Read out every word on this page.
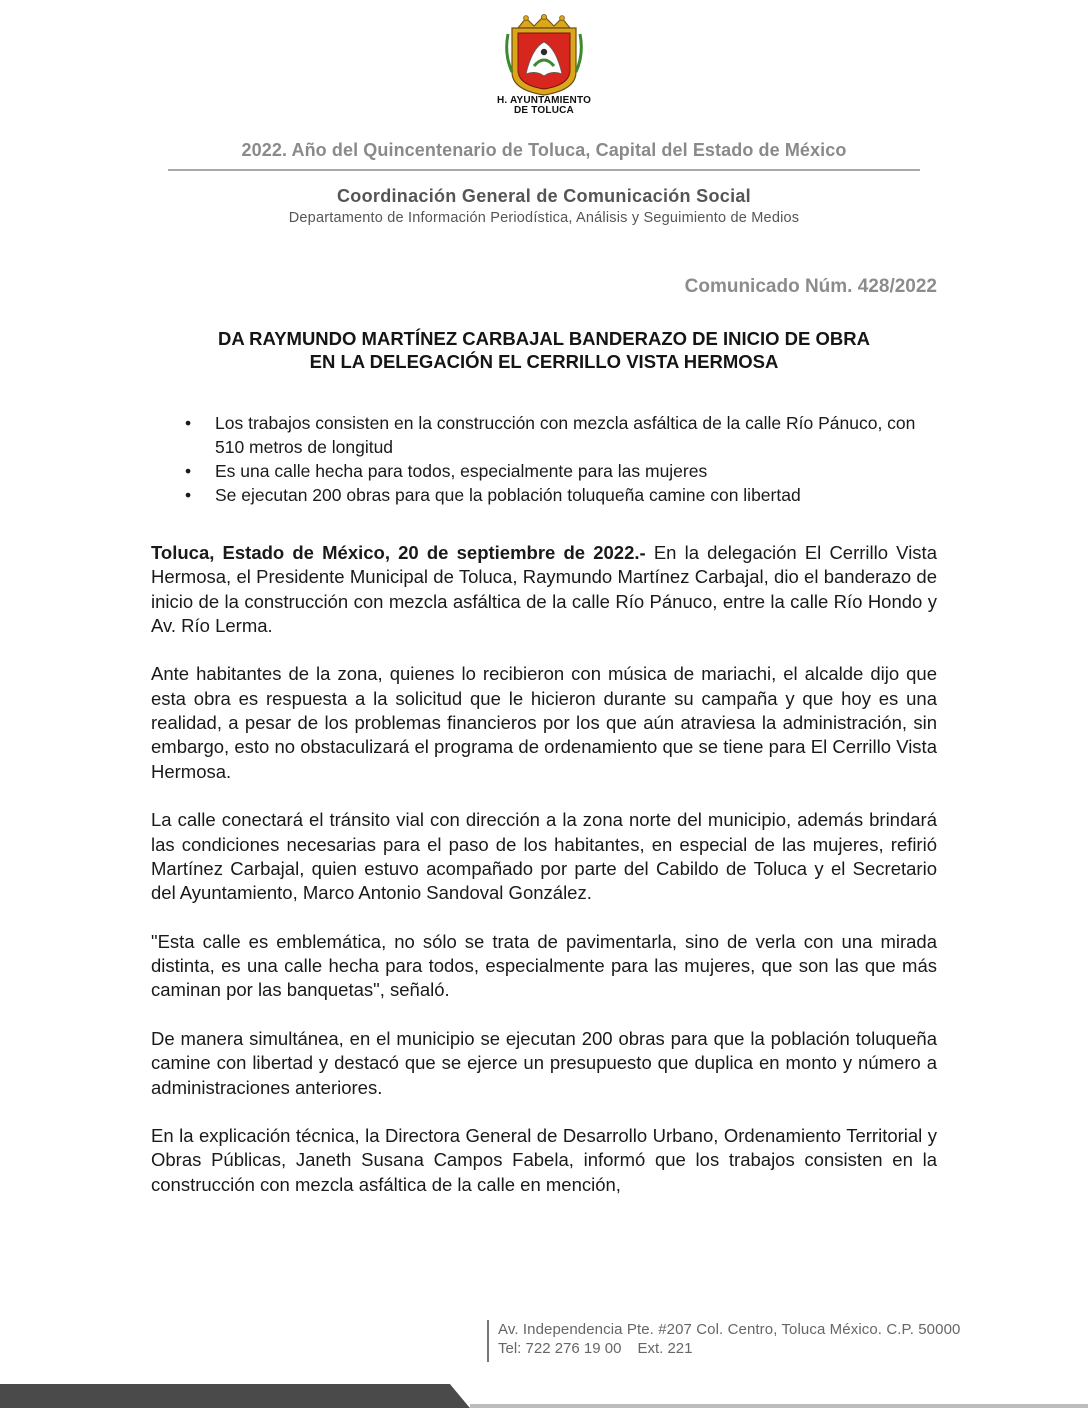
H. AYUNTAMIENTO
DE TOLUCA
2022. Año del Quincentenario de Toluca, Capital del Estado de México
Coordinación General de Comunicación Social
Departamento de Información Periodística, Análisis y Seguimiento de Medios
Comunicado Núm. 428/2022
DA RAYMUNDO MARTÍNEZ CARBAJAL BANDERAZO DE INICIO DE OBRA
EN LA DELEGACIÓN EL CERRILLO VISTA HERMOSA
• Los trabajos consisten en la construcción con mezcla asfáltica de la calle Río Pánuco, con 510 metros de longitud
• Es una calle hecha para todos, especialmente para las mujeres
• Se ejecutan 200 obras para que la población toluqueña camine con libertad

Toluca, Estado de México, 20 de septiembre de 2022.- En la delegación El Cerrillo Vista Hermosa, el Presidente Municipal de Toluca, Raymundo Martínez Carbajal, dio el banderazo de inicio de la construcción con mezcla asfáltica de la calle Río Pánuco, entre la calle Río Hondo y Av. Río Lerma.

Ante habitantes de la zona, quienes lo recibieron con música de mariachi, el alcalde dijo que esta obra es respuesta a la solicitud que le hicieron durante su campaña y que hoy es una realidad, a pesar de los problemas financieros por los que aún atraviesa la administración, sin embargo, esto no obstaculizará el programa de ordenamiento que se tiene para El Cerrillo Vista Hermosa.

La calle conectará el tránsito vial con dirección a la zona norte del municipio, además brindará las condiciones necesarias para el paso de los habitantes, en especial de las mujeres, refirió Martínez Carbajal, quien estuvo acompañado por parte del Cabildo de Toluca y el Secretario del Ayuntamiento, Marco Antonio Sandoval González.

"Esta calle es emblemática, no sólo se trata de pavimentarla, sino de verla con una mirada distinta, es una calle hecha para todos, especialmente para las mujeres, que son las que más caminan por las banquetas", señaló.

De manera simultánea, en el municipio se ejecutan 200 obras para que la población toluqueña camine con libertad y destacó que se ejerce un presupuesto que duplica en monto y número a administraciones anteriores.

En la explicación técnica, la Directora General de Desarrollo Urbano, Ordenamiento Territorial y Obras Públicas, Janeth Susana Campos Fabela, informó que los trabajos consisten en la construcción con mezcla asfáltica de la calle en mención,

Av. Independencia Pte. #207 Col. Centro, Toluca México. C.P. 50000
Tel: 722 276 19 00 Ext. 221
